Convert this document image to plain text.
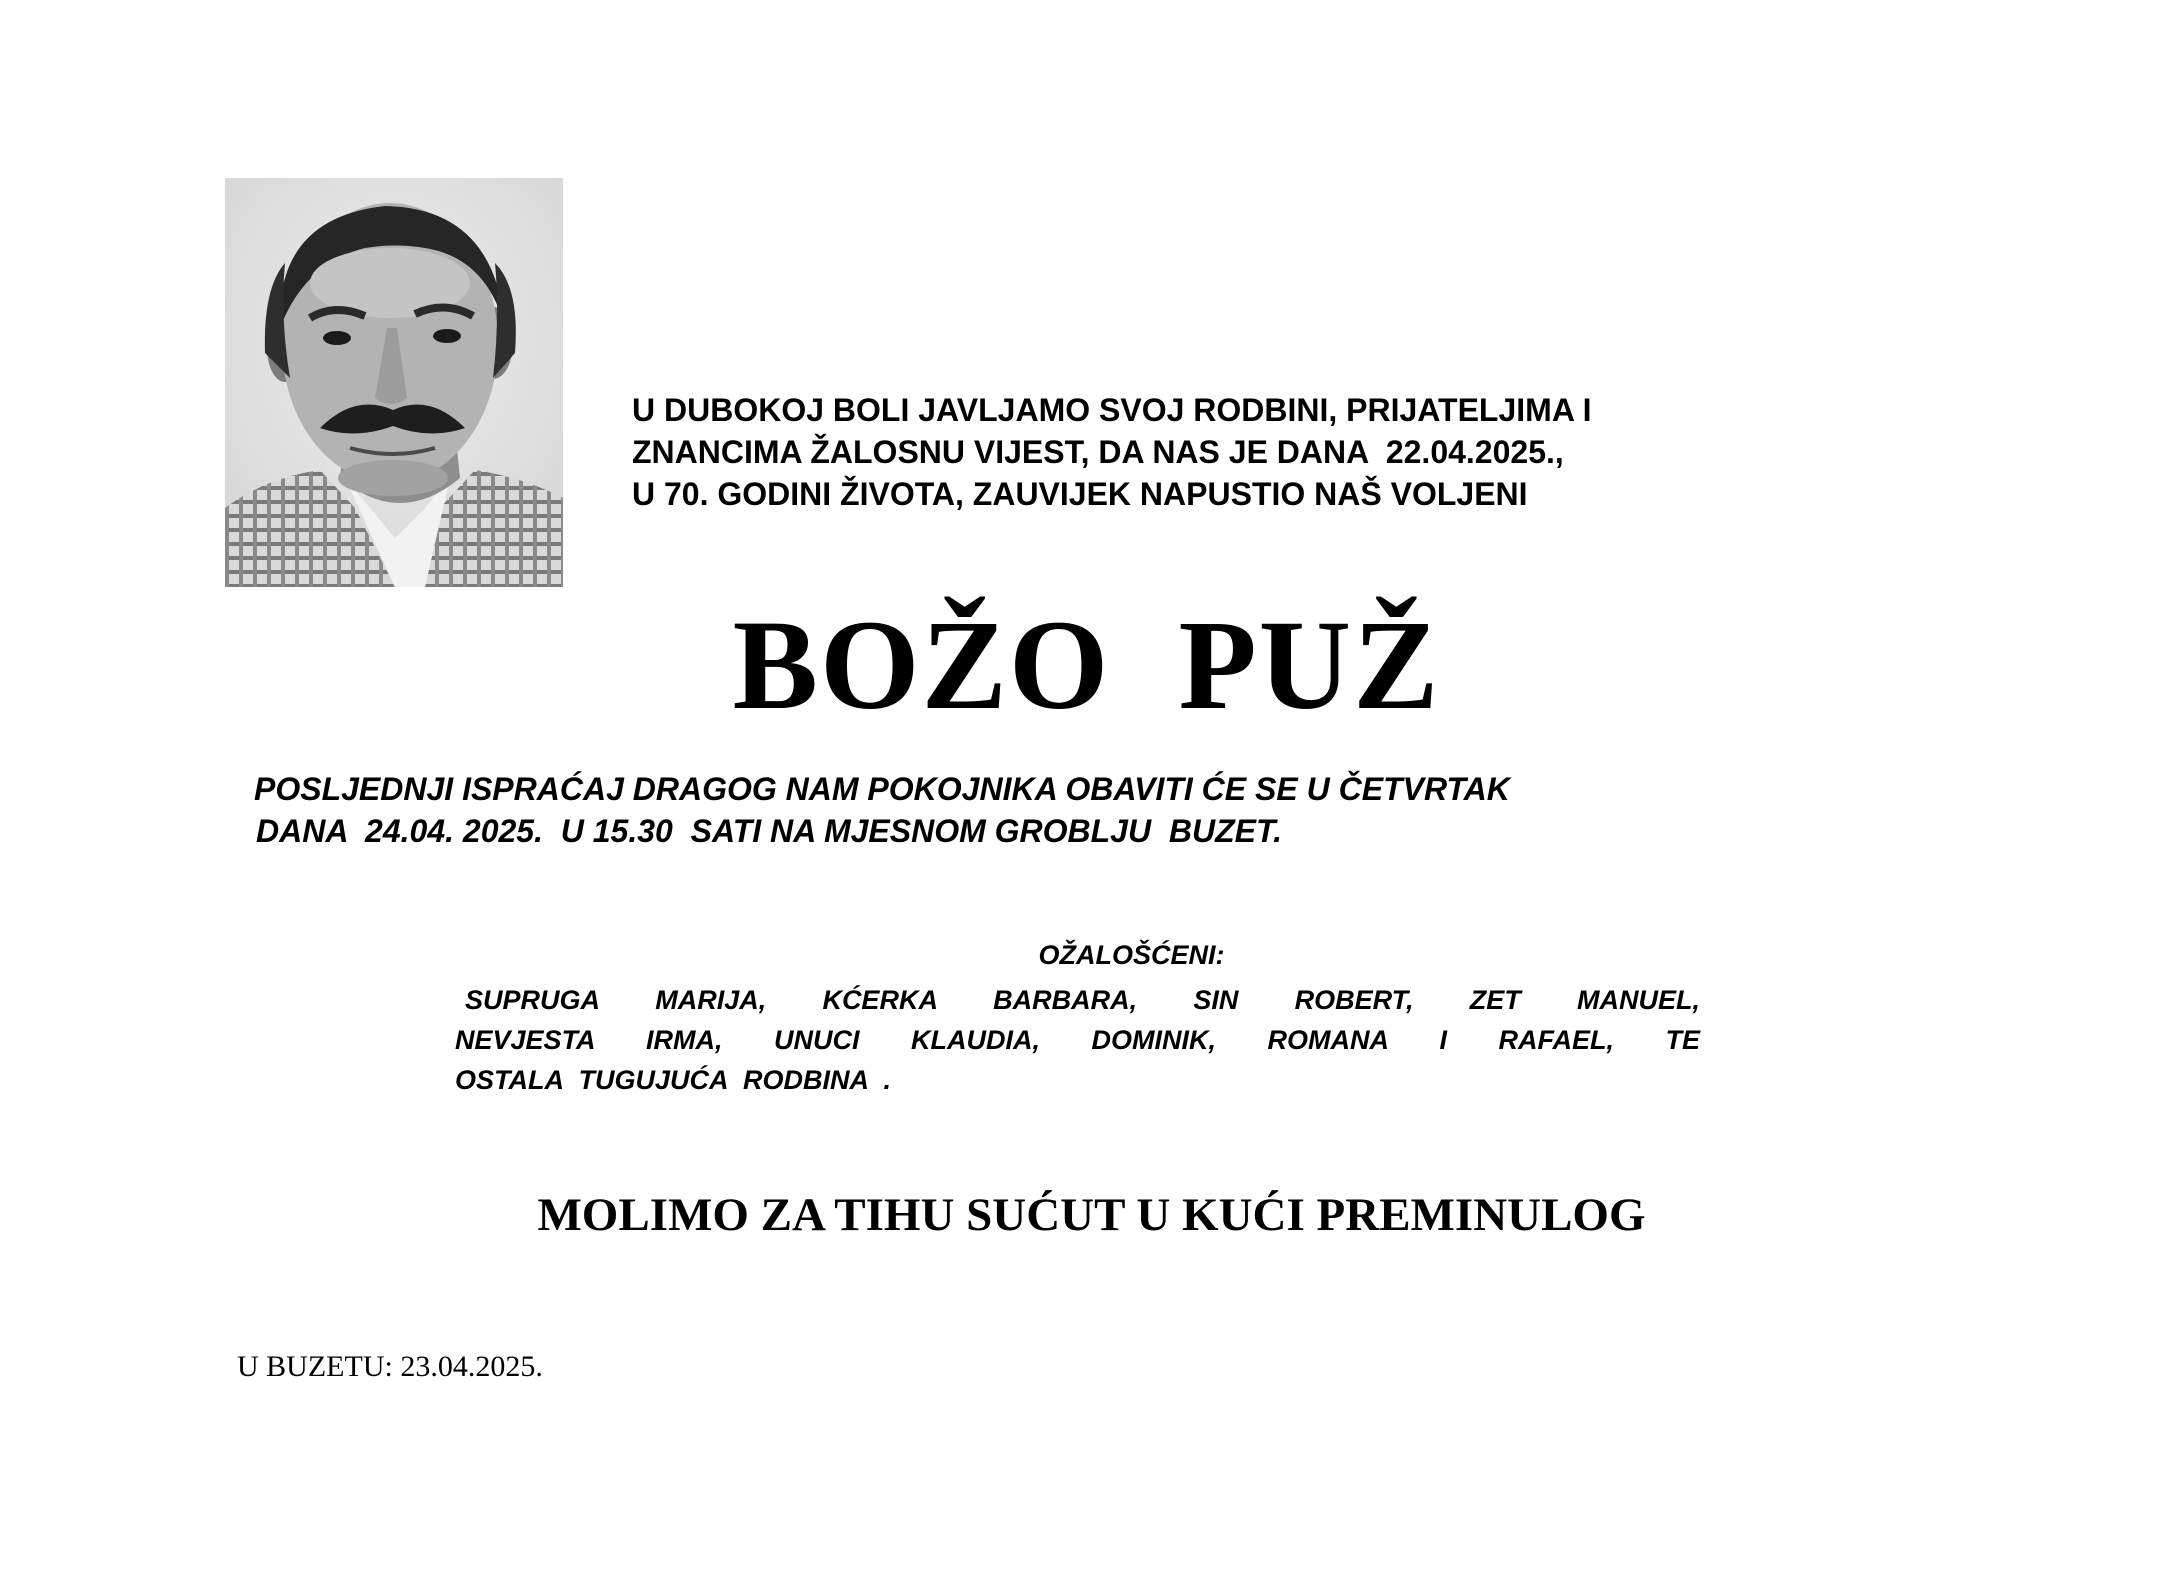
U DUBOKOJ BOLI JAVLJAMO SVOJ RODBINI, PRIJATELJIMA I
ZNANCIMA ŽALOSNU VIJEST, DA NAS JE DANA  22.04.2025.,
U 70. GODINI ŽIVOTA, ZAUVIJEK NAPUSTIO NAŠ VOLJENI
BOŽO  PUŽ
POSLJEDNJI ISPRAĆAJ DRAGOG NAM POKOJNIKA OBAVITI ĆE SE U ČETVRTAK
DANA  24.04. 2025.  U 15.30  SATI NA MJESNOM GROBLJU  BUZET.
OŽALOŠĆENI:
SUPRUGA MARIJA, KĆERKA BARBARA, SIN ROBERT, ZET MANUEL,
NEVJESTA IRMA, UNUCI KLAUDIA, DOMINIK, ROMANA I RAFAEL, TE
OSTALA TUGUJUĆA RODBINA .
MOLIMO ZA TIHU SUĆUT U KUĆI PREMINULOG
U BUZETU: 23.04.2025.
